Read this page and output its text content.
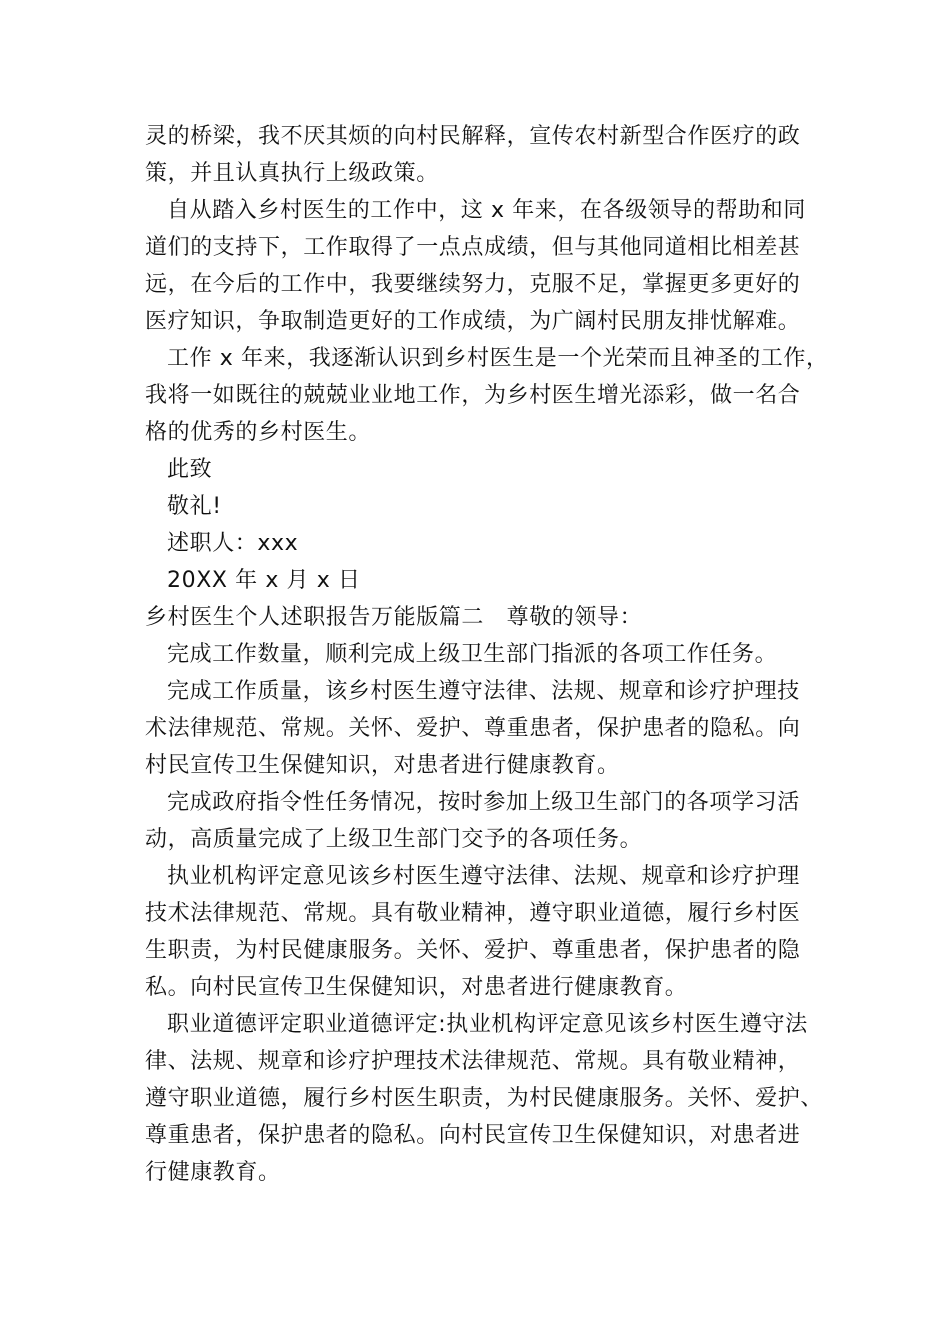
灵的桥梁，我不厌其烦的向村民解释，宣传农村新型合作医疗的政
策，并且认真执行上级政策。
自从踏入乡村医生的工作中，这 x 年来，在各级领导的帮助和同
道们的支持下，工作取得了一点点成绩，但与其他同道相比相差甚
远，在今后的工作中，我要继续努力，克服不足，掌握更多更好的
医疗知识，争取制造更好的工作成绩，为广阔村民朋友排忧解难。
工作 x 年来，我逐渐认识到乡村医生是一个光荣而且神圣的工作，
我将一如既往的兢兢业业地工作，为乡村医生增光添彩，做一名合
格的优秀的乡村医生。
此致
敬礼!
述职人：xxx
20XX 年 x 月 x 日
乡村医生个人述职报告万能版篇二　尊敬的领导：
完成工作数量，顺利完成上级卫生部门指派的各项工作任务。
完成工作质量，该乡村医生遵守法律、法规、规章和诊疗护理技
术法律规范、常规。关怀、爱护、尊重患者，保护患者的隐私。向
村民宣传卫生保健知识，对患者进行健康教育。
完成政府指令性任务情况，按时参加上级卫生部门的各项学习活
动，高质量完成了上级卫生部门交予的各项任务。
执业机构评定意见该乡村医生遵守法律、法规、规章和诊疗护理
技术法律规范、常规。具有敬业精神，遵守职业道德，履行乡村医
生职责，为村民健康服务。关怀、爱护、尊重患者，保护患者的隐
私。向村民宣传卫生保健知识，对患者进行健康教育。
职业道德评定职业道德评定:执业机构评定意见该乡村医生遵守法
律、法规、规章和诊疗护理技术法律规范、常规。具有敬业精神，
遵守职业道德，履行乡村医生职责，为村民健康服务。关怀、爱护、
尊重患者，保护患者的隐私。向村民宣传卫生保健知识，对患者进
行健康教育。
